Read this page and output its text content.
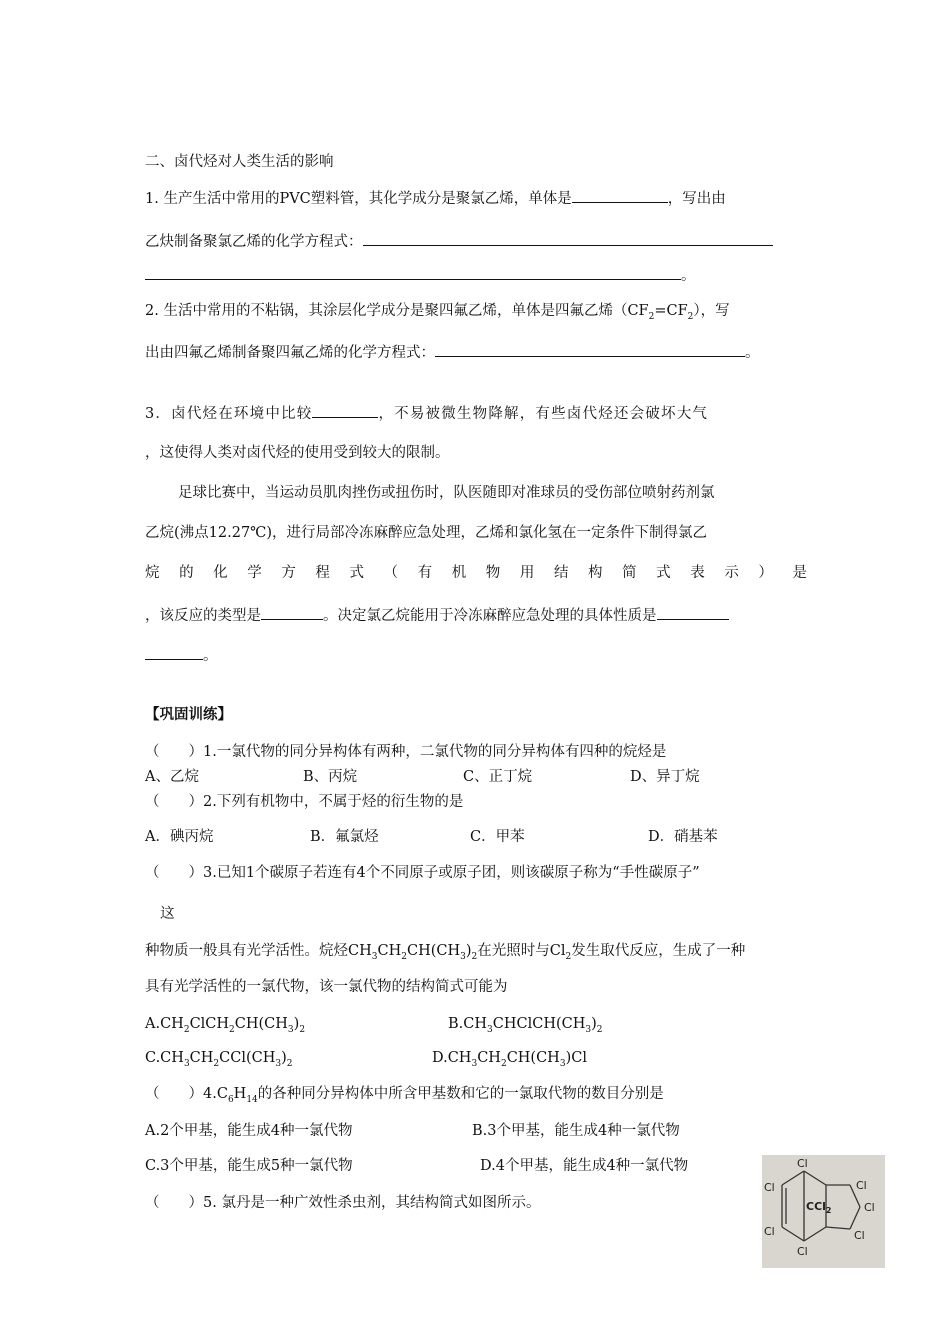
二、卤代烃对人类生活的影响
1. 生产生活中常用的PVC塑料管，其化学成分是聚氯乙烯，单体是	，写出由
乙炔制备聚氯乙烯的化学方程式：
。
2. 生活中常用的不粘锅，其涂层化学成分是聚四氟乙烯，单体是四氟乙烯$(CF_2=CF_2)$，写
出由四氟乙烯制备聚四氟乙烯的化学方程式：	。
3．卤代烃在环境中比较	，不易被微生物降解，有些卤代烃还会破坏大气
，这使得人类对卤代烃的使用受到较大的限制。
足球比赛中，当运动员肌肉挫伤或扭伤时，队医随即对准球员的受伤部位喷射药剂氯
乙烷(沸点12.27℃)，进行局部冷冻麻醉应急处理，乙烯和氯化氢在一定条件下制得氯乙
烷 的 化 学 方 程 式 （ 有 机 物 用 结 构 简 式 表 示 ） 是
，该反应的类型是	。决定氯乙烷能用于冷冻麻醉应急处理的具体性质是
。
【巩固训练】
（　　）1.一氯代物的同分异构体有两种，二氯代物的同分异构体有四种的烷烃是
A、乙烷	B、丙烷	C、正丁烷	D、异丁烷
（　　）2.下列有机物中，不属于烃的衍生物的是
A．碘丙烷	B．氟氯烃	C．甲苯	D．硝基苯
（　　）3.已知1个碳原子若连有4个不同原子或原子团，则该碳原子称为“手性碳原子”
这
种物质一般具有光学活性。烷烃$CH_3CH_2CH(CH_3)_2$在光照时与$Cl_2$发生取代反应，生成了一种
具有光学活性的一氯代物，该一氯代物的结构简式可能为
$A.CH_2ClCH_2CH(CH_3)_2$	$B.CH_3CHClCH(CH_3)_2$
$C.CH_3CH_2CCl(CH_3)_2$	$D.CH_3CH_2CH(CH_3)Cl$
（　　）$4.C_6H_{14}$的各种同分异构体中所含甲基数和它的一氯取代物的数目分别是
A.2个甲基，能生成4种一氯代物	B.3个甲基，能生成4种一氯代物
C.3个甲基，能生成5种一氯代物	D.4个甲基，能生成4种一氯代物
（　　）5. 氯丹是一种广效性杀虫剂，其结构简式如图所示。
Cl
Cl
Cl
Cl
Cl
Cl
Cl
CCl$_2$
